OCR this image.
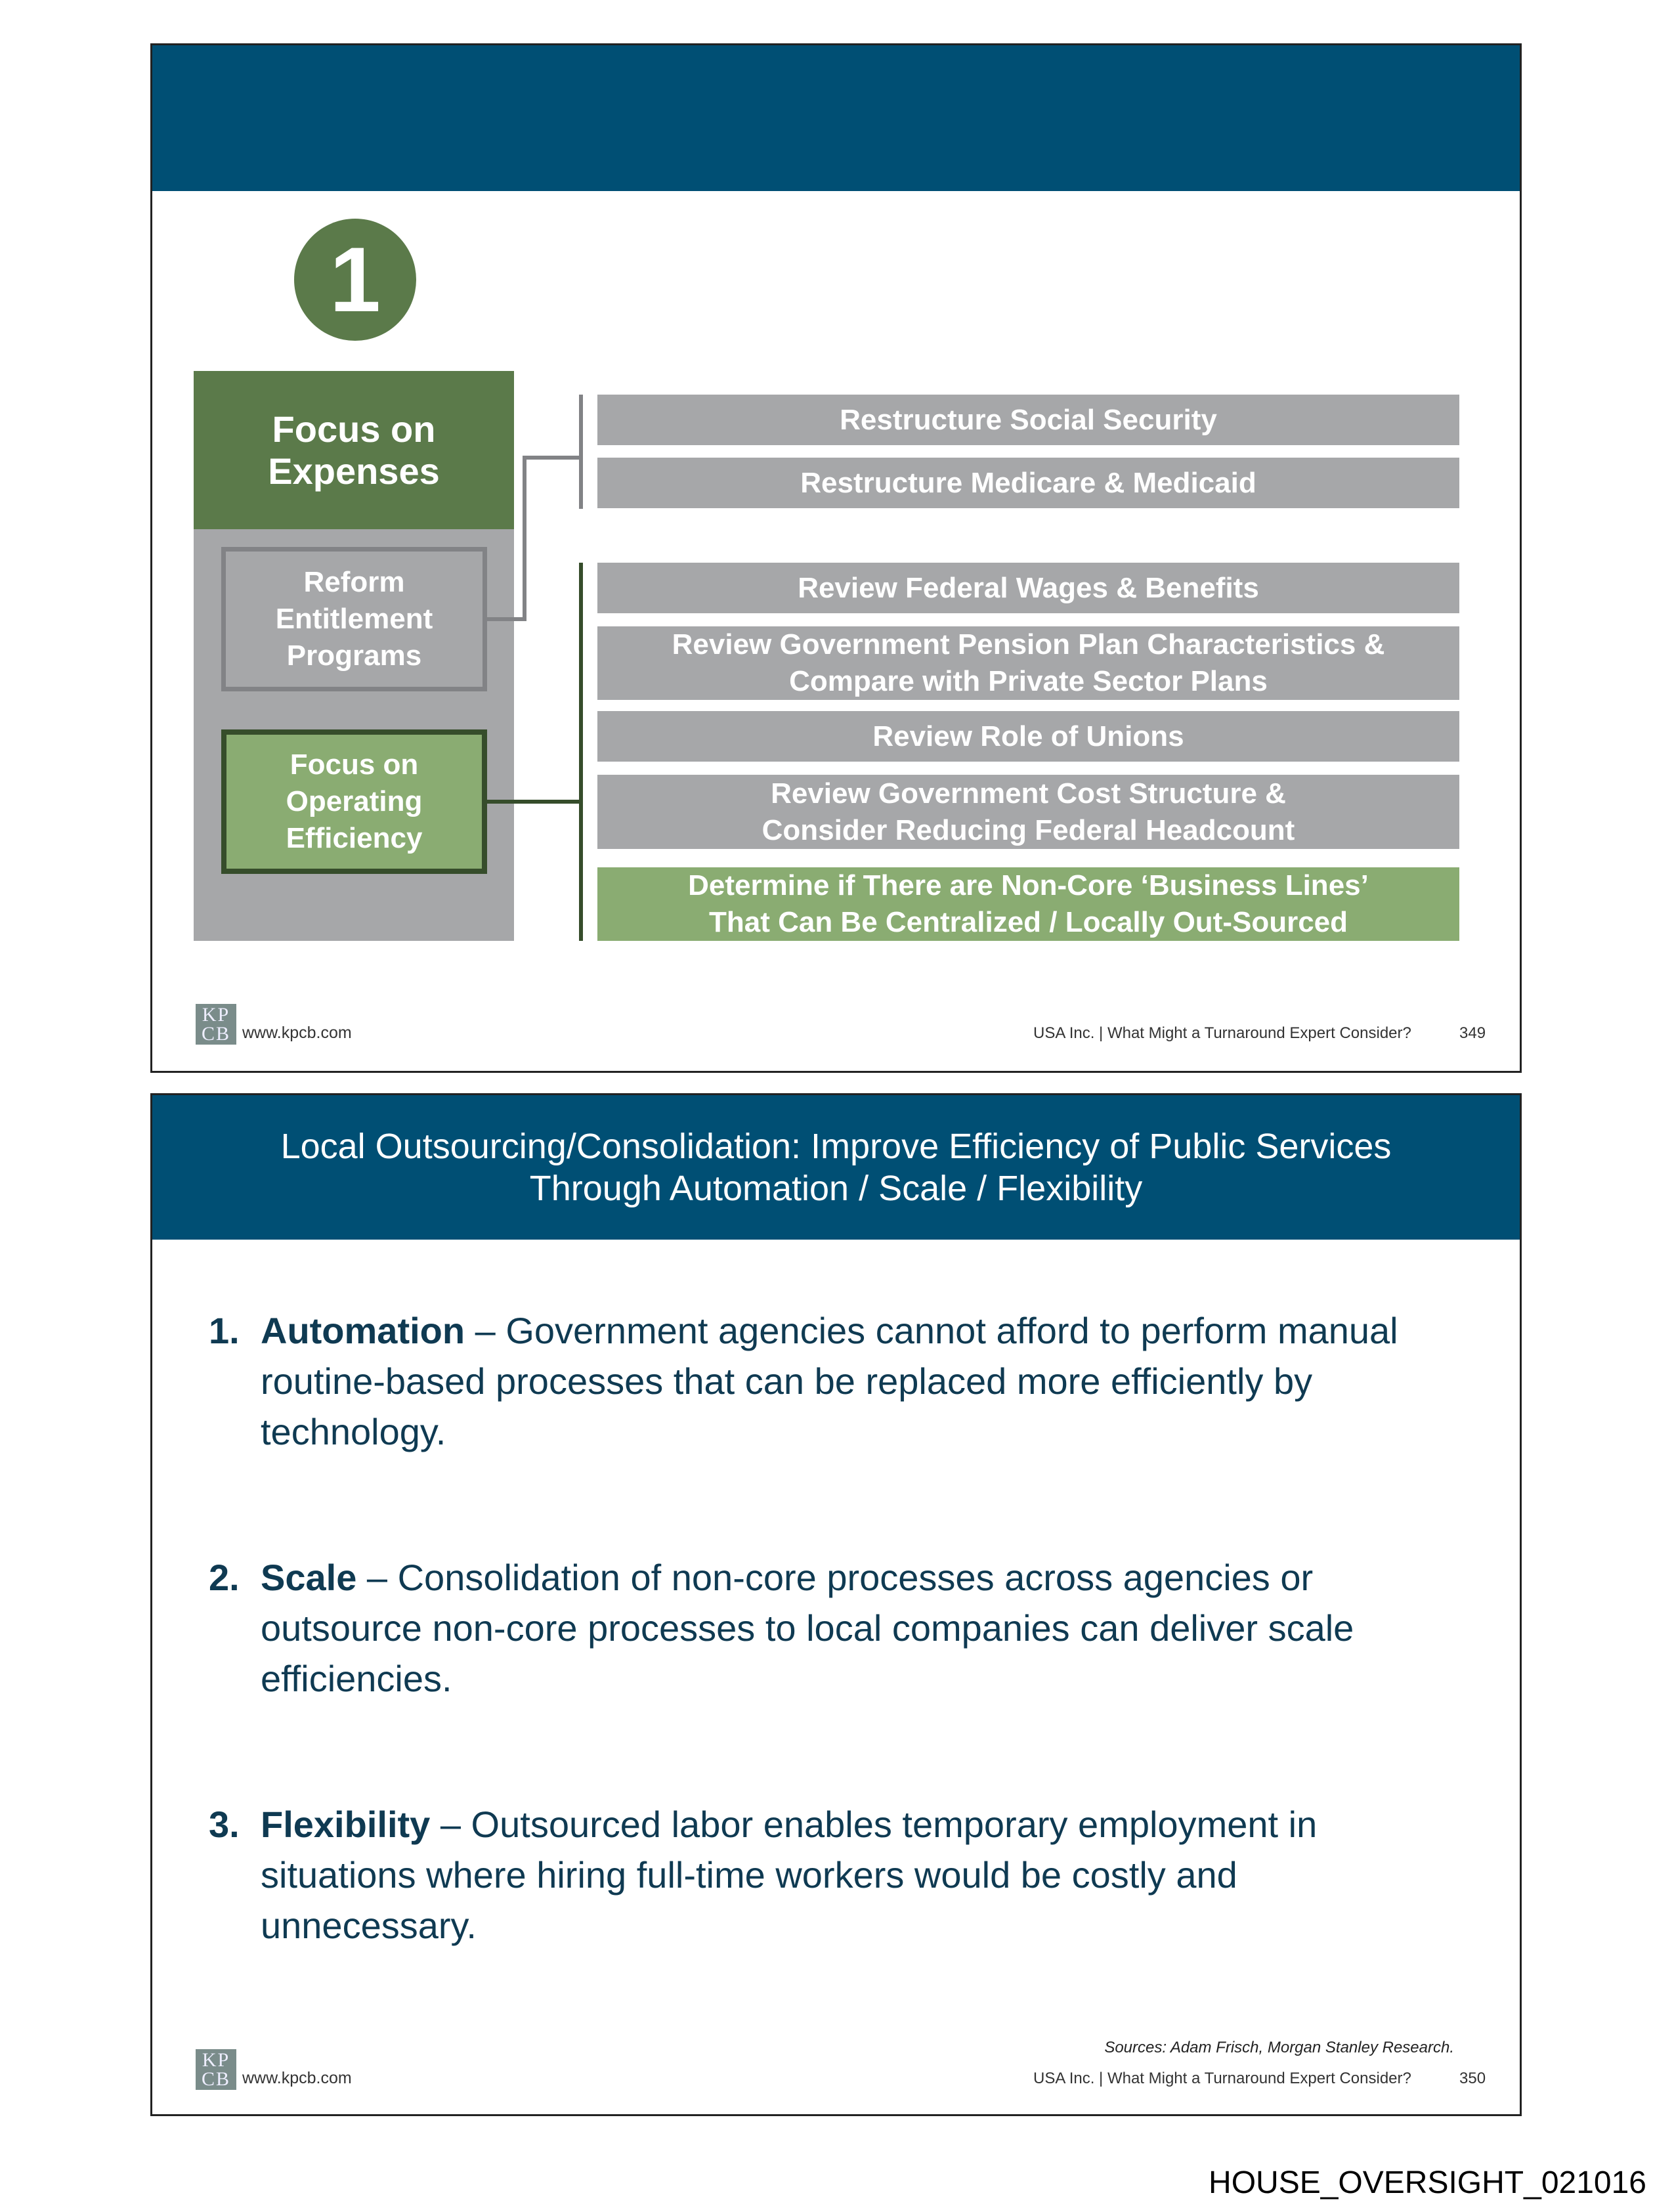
1
Focus on Expenses
Reform Entitlement Programs
Focus on Operating Efficiency
Restructure Social Security
Restructure Medicare & Medicaid
Review Federal Wages & Benefits
Review Government Pension Plan Characteristics & Compare with Private Sector Plans
Review Role of Unions
Review Government Cost Structure & Consider Reducing Federal Headcount
Determine if There are Non-Core ‘Business Lines’ That Can Be Centralized / Locally Out-Sourced
KP
CB www.kpcb.com	USA Inc. | What Might a Turnaround Expert Consider?	349
Local Outsourcing/Consolidation: Improve Efficiency of Public Services
Through Automation / Scale / Flexibility
1. Automation – Government agencies cannot afford to perform manual routine-based processes that can be replaced more efficiently by technology.
2. Scale – Consolidation of non-core processes across agencies or outsource non-core processes to local companies can deliver scale efficiencies.
3. Flexibility – Outsourced labor enables temporary employment in situations where hiring full-time workers would be costly and unnecessary.
Sources: Adam Frisch, Morgan Stanley Research.
KP
CB www.kpcb.com	USA Inc. | What Might a Turnaround Expert Consider?	350
HOUSE_OVERSIGHT_021016
